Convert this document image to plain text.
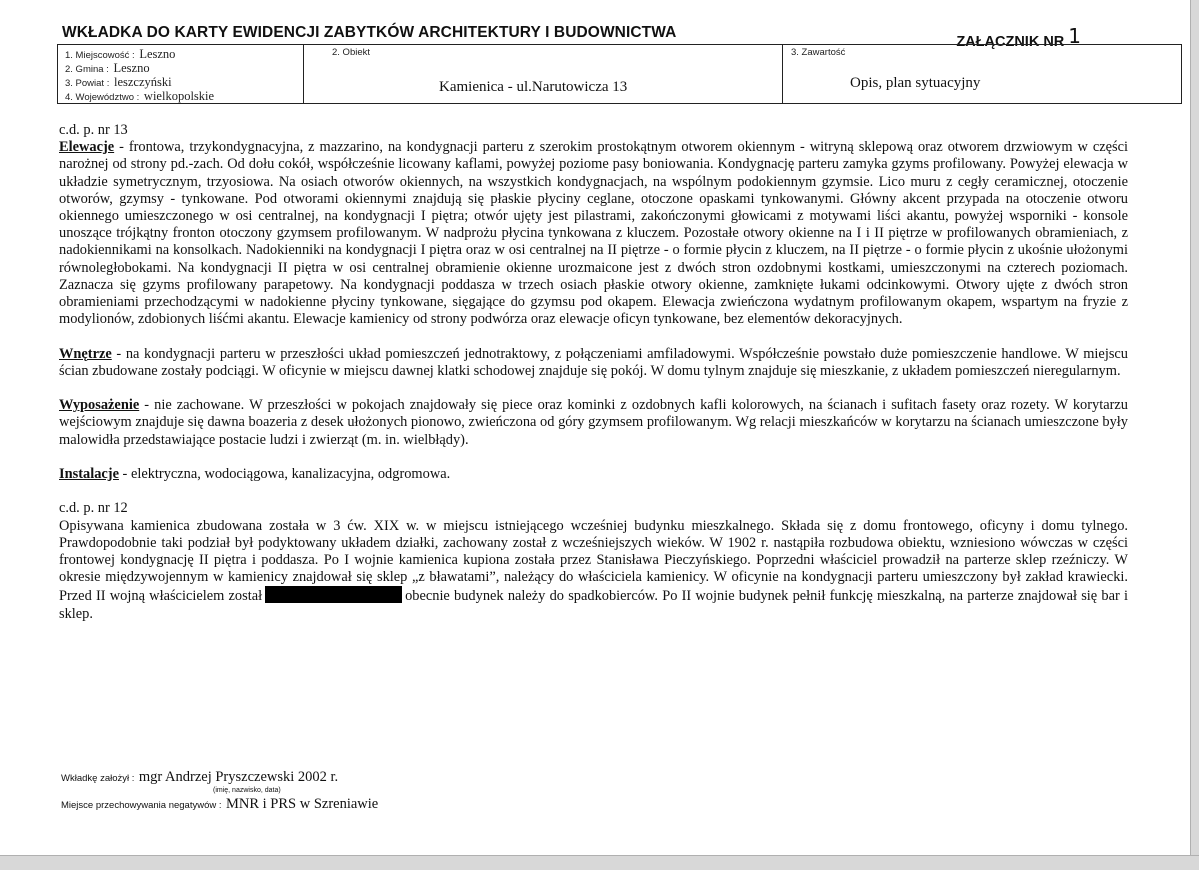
WKŁADKA DO KARTY EWIDENCJI ZABYTKÓW ARCHITEKTURY I BUDOWNICTWA
ZAŁĄCZNIK NR 1
1. Miejscowość : Leszno
2. Gmina : Leszno
3. Powiat : leszczyński
4. Województwo : wielkopolskie
2. Obiekt
Kamienica - ul.Narutowicza 13
3. Zawartość
Opis, plan sytuacyjny

c.d. p. nr 13

Elewacje - frontowa, trzykondygnacyjna, z mazzarino, na kondygnacji parteru z szerokim prostokątnym otworem okiennym - witryną sklepową oraz otworem drzwiowym w części narożnej od strony pd.-zach. Od dołu cokół, współcześnie licowany kaflami, powyżej poziome pasy boniowania. Kondygnację parteru zamyka gzyms profilowany. Powyżej elewacja w układzie symetrycznym, trzyosiowa. Na osiach otworów okiennych, na wszystkich kondygnacjach, na wspólnym podokiennym gzymsie. Lico muru z cegły ceramicznej, otoczenie otworów, gzymsy - tynkowane. Pod otworami okiennymi znajdują się płaskie płyciny ceglane, otoczone opaskami tynkowanymi. Główny akcent przypada na otoczenie otworu okiennego umieszczonego w osi centralnej, na kondygnacji I piętra; otwór ujęty jest pilastrami, zakończonymi głowicami z motywami liści akantu, powyżej wsporniki - konsole unoszące trójkątny fronton otoczony gzymsem profilowanym. W nadprożu płycina tynkowana z kluczem. Pozostałe otwory okienne na I i II piętrze w profilowanych obramieniach, z nadokiennikami na konsolkach. Nadokienniki na kondygnacji I piętra oraz w osi centralnej na II piętrze - o formie płycin z kluczem, na II piętrze - o formie płycin z ukośnie ułożonymi równoległobokami. Na kondygnacji II piętra w osi centralnej obramienie okienne urozmaicone jest z dwóch stron ozdobnymi kostkami, umieszczonymi na czterech poziomach. Zaznacza się gzyms profilowany parapetowy. Na kondygnacji poddasza w trzech osiach płaskie otwory okienne, zamknięte łukami odcinkowymi. Otwory ujęte z dwóch stron obramieniami przechodzącymi w nadokienne płyciny tynkowane, sięgające do gzymsu pod okapem. Elewacja zwieńczona wydatnym profilowanym okapem, wspartym na fryzie z modylionów, zdobionych liśćmi akantu. Elewacje kamienicy od strony podwórza oraz elewacje oficyn tynkowane, bez elementów dekoracyjnych.

Wnętrze - na kondygnacji parteru w przeszłości układ pomieszczeń jednotraktowy, z połączeniami amfiladowymi. Współcześnie powstało duże pomieszczenie handlowe. W miejscu ścian zbudowane zostały podciągi. W oficynie w miejscu dawnej klatki schodowej znajduje się pokój. W domu tylnym znajduje się mieszkanie, z układem pomieszczeń nieregularnym.

Wyposażenie - nie zachowane. W przeszłości w pokojach znajdowały się piece oraz kominki z ozdobnych kafli kolorowych, na ścianach i sufitach fasety oraz rozety. W korytarzu wejściowym znajduje się dawna boazeria z desek ułożonych pionowo, zwieńczona od góry gzymsem profilowanym. Wg relacji mieszkańców w korytarzu na ścianach umieszczone były malowidła przedstawiające postacie ludzi i zwierząt (m. in. wielbłądy).

Instalacje - elektryczna, wodociągowa, kanalizacyjna, odgromowa.

c.d. p. nr 12

Opisywana kamienica zbudowana została w 3 ćw. XIX w. w miejscu istniejącego wcześniej budynku mieszkalnego. Składa się z domu frontowego, oficyny i domu tylnego. Prawdopodobnie taki podział był podyktowany układem działki, zachowany został z wcześniejszych wieków. W 1902 r. nastąpiła rozbudowa obiektu, wzniesiono wówczas w części frontowej kondygnację II piętra i poddasza. Po I wojnie kamienica kupiona została przez Stanisława Pieczyńskiego. Poprzedni właściciel prowadził na parterze sklep rzeźniczy. W okresie międzywojennym w kamienicy znajdował się sklep „z bławatami”, należący do właściciela kamienicy. W oficynie na kondygnacji parteru umieszczony był zakład krawiecki. Przed II wojną właścicielem został	obecnie budynek należy do spadkobierców. Po II wojnie budynek pełnił funkcję mieszkalną, na parterze znajdował się bar i sklep.

Wkładkę założył : mgr Andrzej Pryszczewski 2002 r.
(imię, nazwisko, data)
Miejsce przechowywania negatywów : MNR i PRS w Szreniawie
